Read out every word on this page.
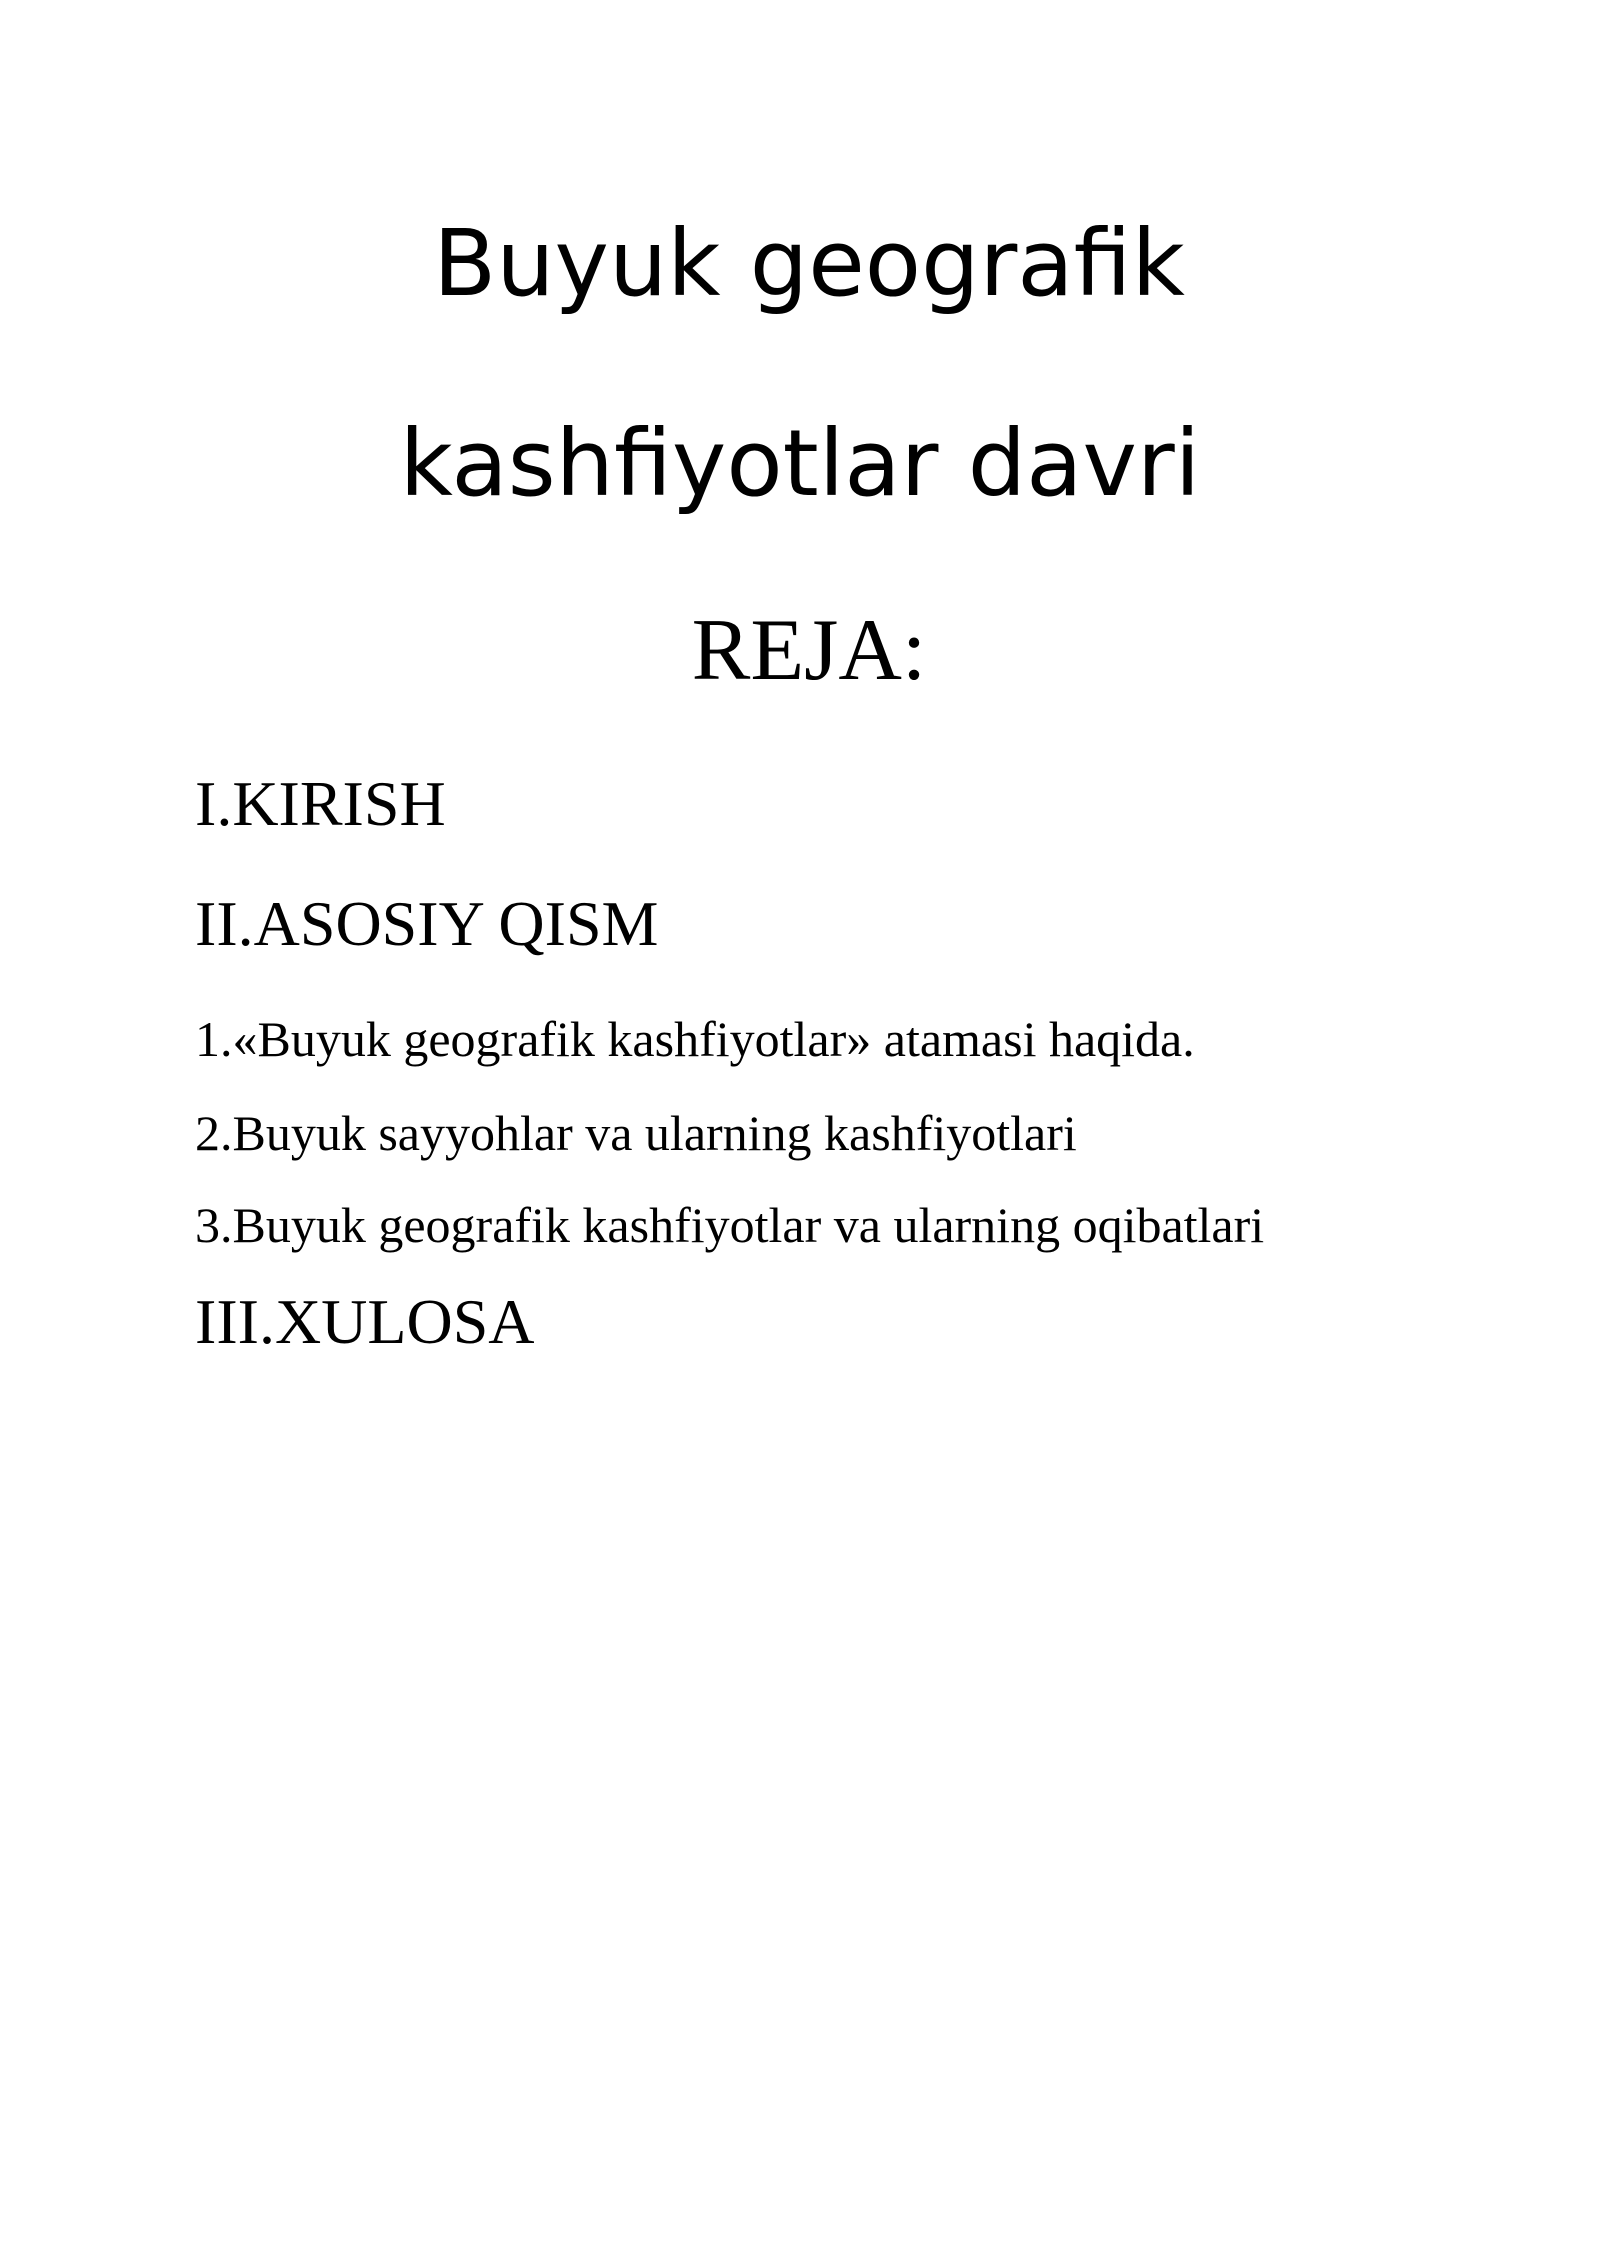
Buyuk geografik
kashfiyotlar davri
REJA:
I.KIRISH
II.ASOSIY QISM
1.«Buyuk geografik kashfiyotlar» atamasi haqida.
2.Buyuk sayyohlar va ularning kashfiyotlari
3.Buyuk geografik kashfiyotlar va ularning oqibatlari
III.XULOSA
